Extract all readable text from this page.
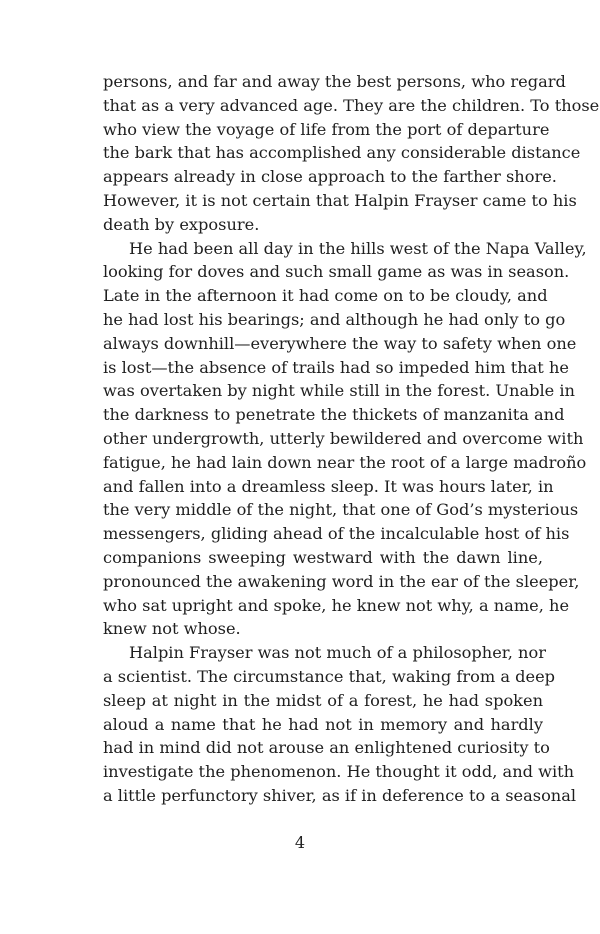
persons, and far and away the best persons, who regard
that as a very advanced age. They are the children. To those
who view the voyage of life from the port of departure
the bark that has accomplished any considerable distance
appears already in close approach to the farther shore.
However, it is not certain that Halpin Frayser came to his
death by exposure.
He had been all day in the hills west of the Napa Valley,
looking for doves and such small game as was in season.
Late in the afternoon it had come on to be cloudy, and
he had lost his bearings; and although he had only to go
always downhill—everywhere the way to safety when one
is lost—the absence of trails had so impeded him that he
was overtaken by night while still in the forest. Unable in
the darkness to penetrate the thickets of manzanita and
other undergrowth, utterly bewildered and overcome with
fatigue, he had lain down near the root of a large madroño
and fallen into a dreamless sleep. It was hours later, in
the very middle of the night, that one of God’s mysterious
messengers, gliding ahead of the incalculable host of his
companions sweeping westward with the dawn line,
pronounced the awakening word in the ear of the sleeper,
who sat upright and spoke, he knew not why, a name, he
knew not whose.
Halpin Frayser was not much of a philosopher, nor
a scientist. The circumstance that, waking from a deep
sleep at night in the midst of a forest, he had spoken
aloud a name that he had not in memory and hardly
had in mind did not arouse an enlightened curiosity to
investigate the phenomenon. He thought it odd, and with
a little perfunctory shiver, as if in deference to a seasonal
4
